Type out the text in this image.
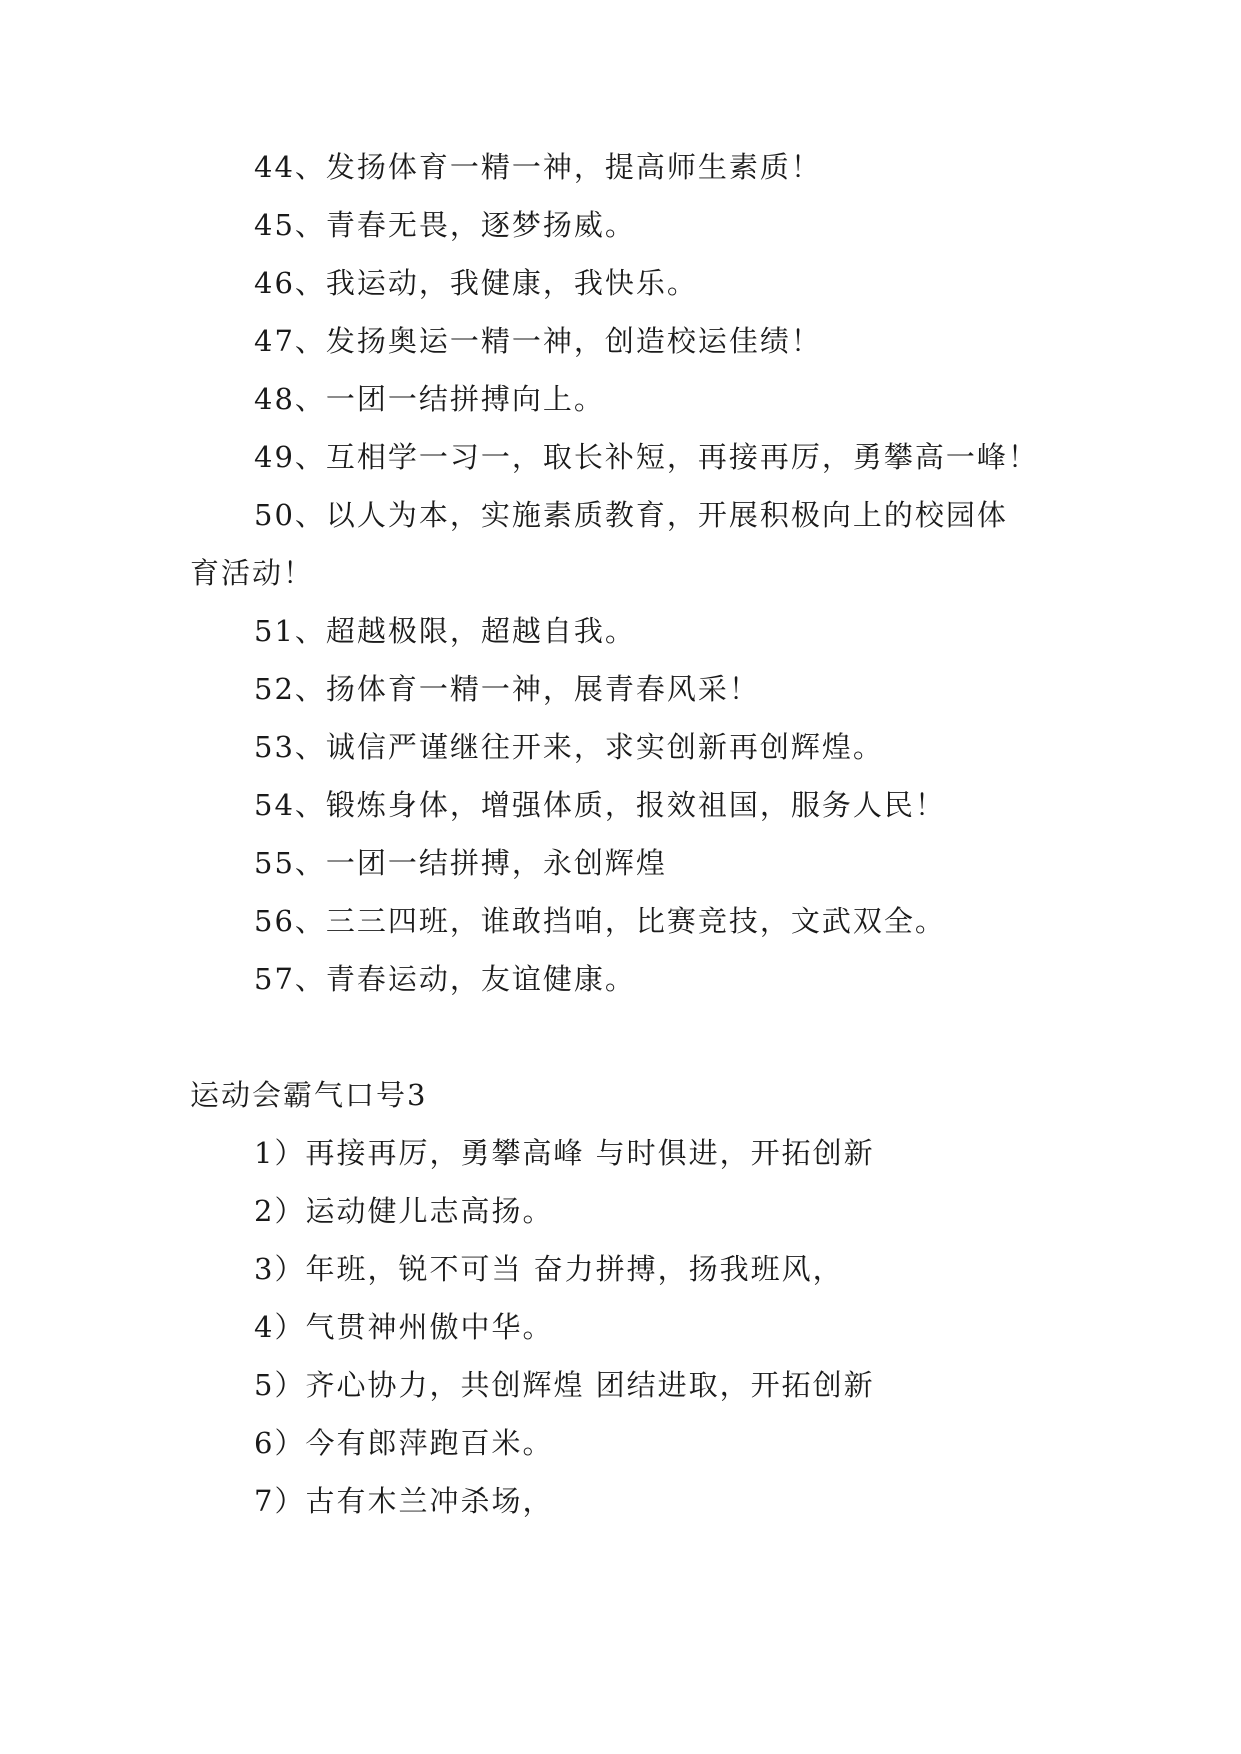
44、发扬体育一精一神，提高师生素质！
45、青春无畏，逐梦扬威。
46、我运动，我健康，我快乐。
47、发扬奥运一精一神，创造校运佳绩！
48、一团一结拼搏向上。
49、互相学一习一，取长补短，再接再厉，勇攀高一峰！
50、以人为本，实施素质教育，开展积极向上的校园体
育活动！
51、超越极限，超越自我。
52、扬体育一精一神，展青春风采！
53、诚信严谨继往开来，求实创新再创辉煌。
54、锻炼身体，增强体质，报效祖国，服务人民！
55、一团一结拼搏，永创辉煌
56、三三四班，谁敢挡咱，比赛竞技，文武双全。
57、青春运动，友谊健康。
运动会霸气口号3
1）再接再厉，勇攀高峰 与时俱进，开拓创新
2）运动健儿志高扬。
3）年班，锐不可当 奋力拼搏，扬我班风，
4）气贯神州傲中华。
5）齐心协力，共创辉煌 团结进取，开拓创新
6）今有郎萍跑百米。
7）古有木兰冲杀场，
